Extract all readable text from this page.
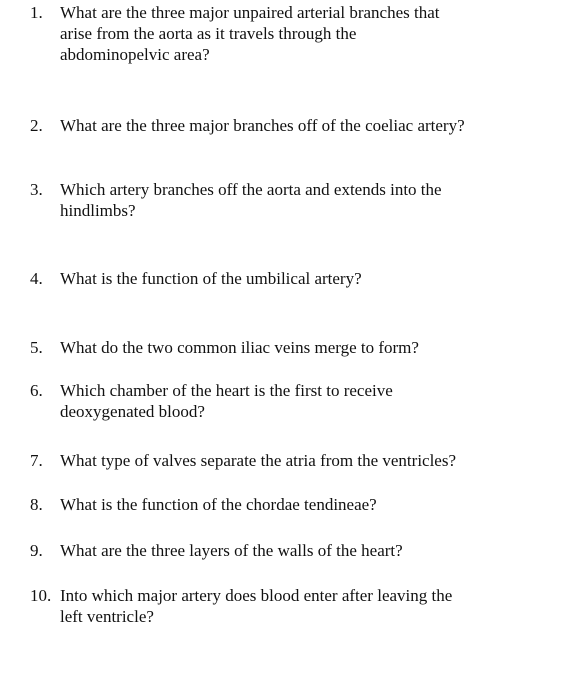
1.	What are the three major unpaired arterial branches that
arise from the aorta as it travels through the
abdominopelvic area?
2.	What are the three major branches off of the coeliac artery?
3.	Which artery branches off the aorta and extends into the
hindlimbs?
4.	What is the function of the umbilical artery?
5.	What do the two common iliac veins merge to form?
6.	Which chamber of the heart is the first to receive
deoxygenated blood?
7.	What type of valves separate the atria from the ventricles?
8.	What is the function of the chordae tendineae?
9.	What are the three layers of the walls of the heart?
10. Into which major artery does blood enter after leaving the
left ventricle?
